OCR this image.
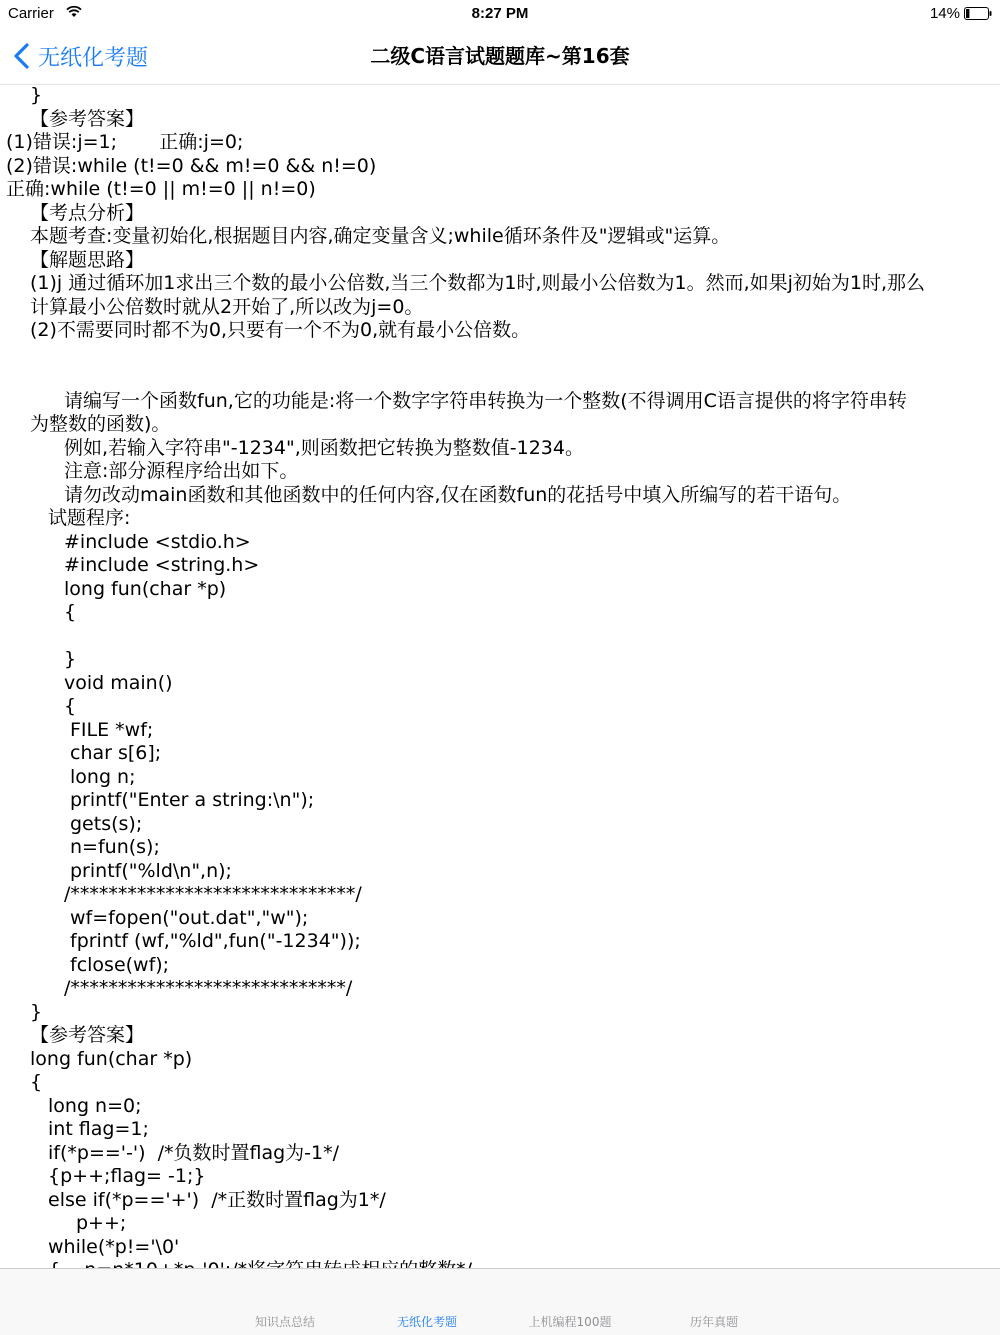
Carrier	8:27 PM	14%
无纸化考题	二级C语言试题题库~第16套
}
【参考答案】
(1)错误:j=1;       正确:j=0;
(2)错误:while (t!=0 && m!=0 && n!=0)
正确:while (t!=0 || m!=0 || n!=0)
【考点分析】
本题考查:变量初始化,根据题目内容,确定变量含义;while循环条件及"逻辑或"运算。
【解题思路】
(1)j 通过循环加1求出三个数的最小公倍数,当三个数都为1时,则最小公倍数为1。然而,如果j初始为1时,那么
计算最小公倍数时就从2开始了,所以改为j=0。
(2)不需要同时都不为0,只要有一个不为0,就有最小公倍数。
请编写一个函数fun,它的功能是:将一个数字字符串转换为一个整数(不得调用C语言提供的将字符串转
为整数的函数)。
例如,若输入字符串"-1234",则函数把它转换为整数值-1234。
注意:部分源程序给出如下。
请勿改动main函数和其他函数中的任何内容,仅在函数fun的花括号中填入所编写的若干语句。
试题程序:
#include <stdio.h>
#include <string.h>
long fun(char *p)
{
}
void main()
{
FILE *wf;
char s[6];
long n;
printf("Enter a string:\n");
gets(s);
n=fun(s);
printf("%ld\n",n);
/******************************/
wf=fopen("out.dat","w");
fprintf (wf,"%ld",fun("-1234"));
fclose(wf);
/*****************************/
}
【参考答案】
long fun(char *p)
{
long n=0;
int flag=1;
if(*p=='-')  /*负数时置flag为-1*/
{p++;flag= -1;}
else if(*p=='+')  /*正数时置flag为1*/
p++;
while(*p!='\0'
知识点总结	无纸化考题	上机编程100题	历年真题
